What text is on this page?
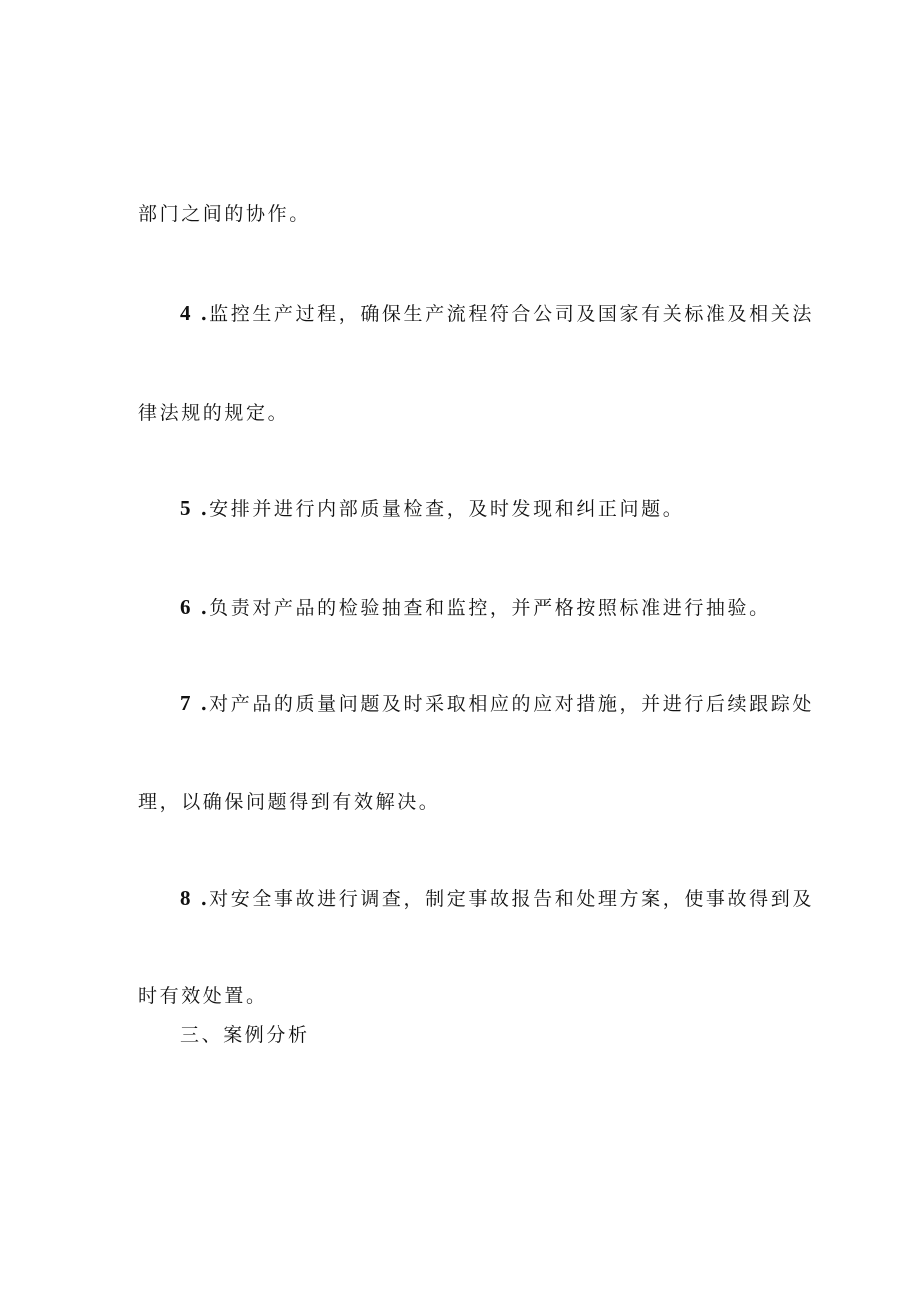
部门之间的协作。
4 . 监控生产过程，确保生产流程符合公司及国家有关标准及相关法
律法规的规定。
5 . 安排并进行内部质量检查，及时发现和纠正问题。
6 . 负责对产品的检验抽查和监控，并严格按照标准进行抽验。
7 . 对产品的质量问题及时采取相应的应对措施，并进行后续跟踪处
理，以确保问题得到有效解决。
8 . 对安全事故进行调查，制定事故报告和处理方案，使事故得到及
时有效处置。
三、案例分析
